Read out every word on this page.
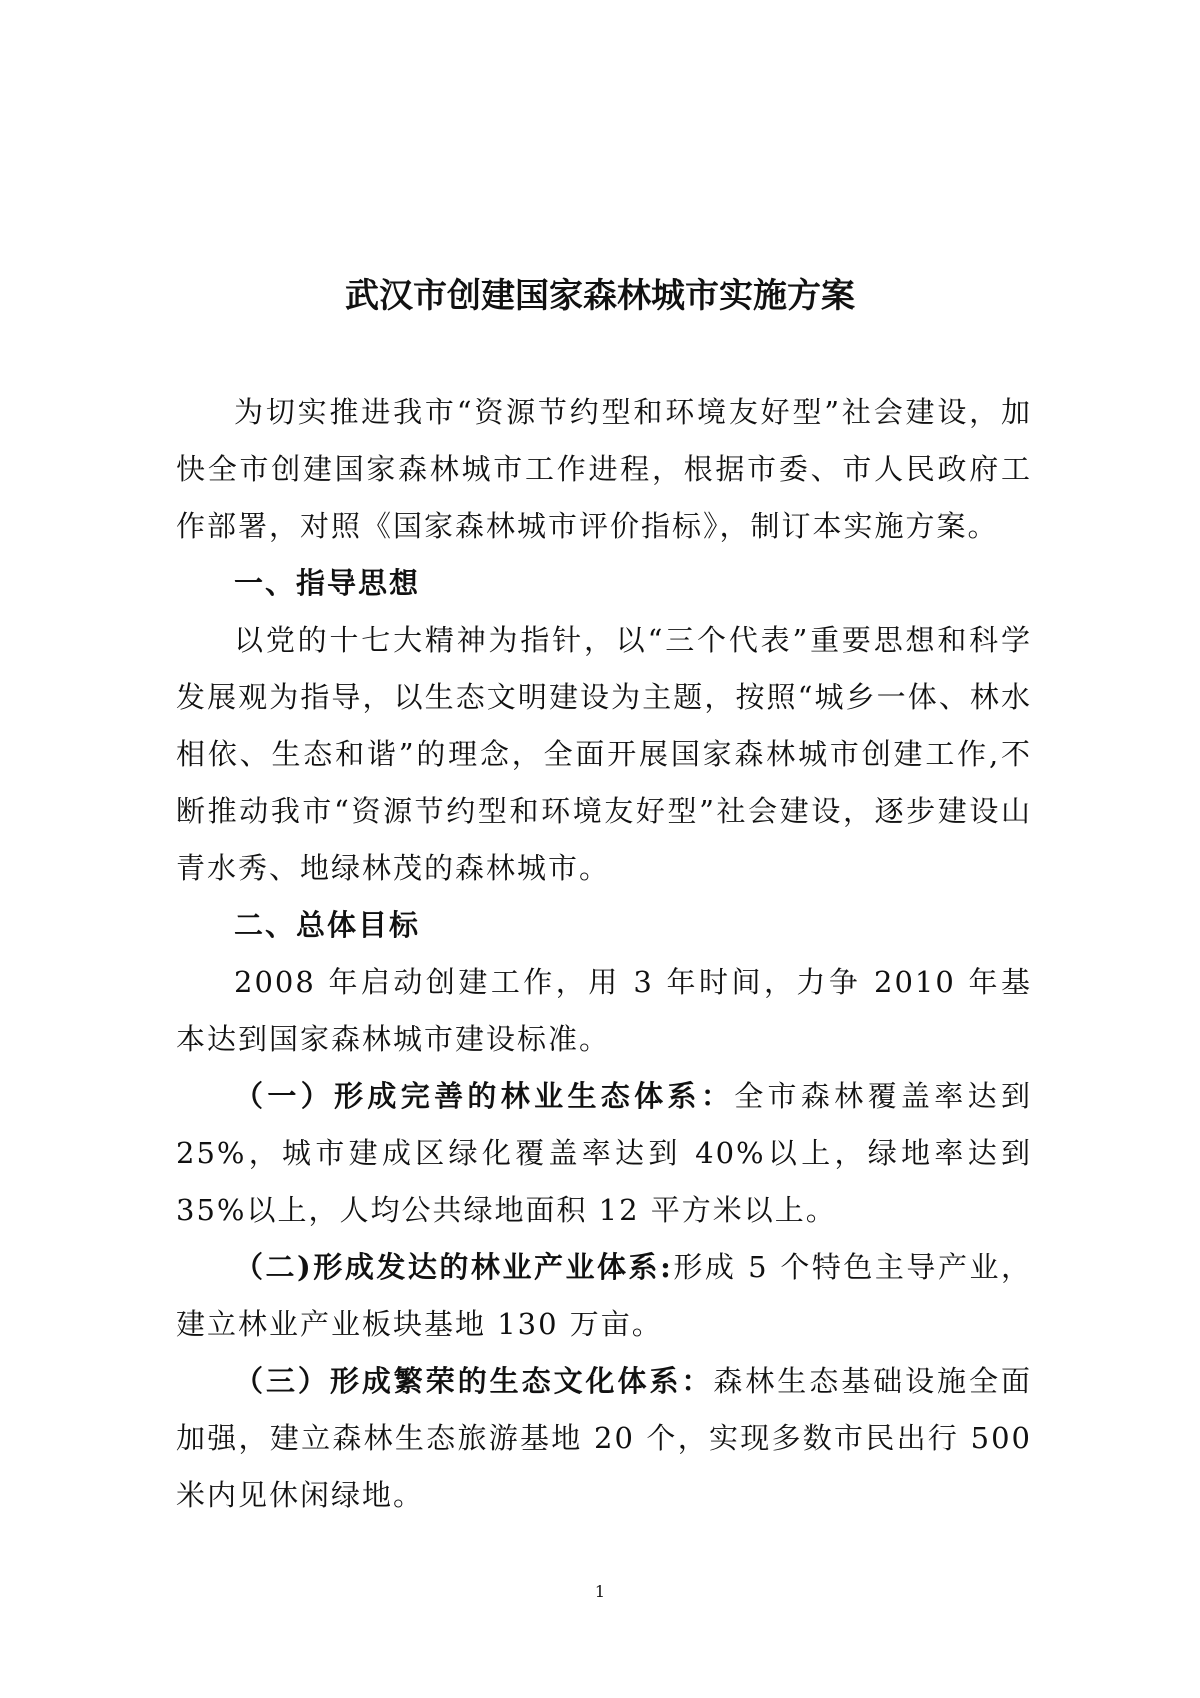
武汉市创建国家森林城市实施方案

为切实推进我市“资源节约型和环境友好型”社会建设，加快全市创建国家森林城市工作进程，根据市委、市人民政府工作部署，对照《国家森林城市评价指标》，制订本实施方案。

一、指导思想

以党的十七大精神为指针，以“三个代表”重要思想和科学发展观为指导，以生态文明建设为主题，按照“城乡一体、林水相依、生态和谐”的理念，全面开展国家森林城市创建工作,不断推动我市“资源节约型和环境友好型”社会建设，逐步建设山青水秀、地绿林茂的森林城市。

二、总体目标

2008 年启动创建工作，用 3 年时间，力争 2010 年基本达到国家森林城市建设标准。

（一）形成完善的林业生态体系：全市森林覆盖率达到 25%，城市建成区绿化覆盖率达到 40%以上，绿地率达到 35%以上，人均公共绿地面积 12 平方米以上。

（二)形成发达的林业产业体系:形成 5 个特色主导产业，建立林业产业板块基地 130 万亩。

（三）形成繁荣的生态文化体系：森林生态基础设施全面加强，建立森林生态旅游基地 20 个，实现多数市民出行 500 米内见休闲绿地。

1
